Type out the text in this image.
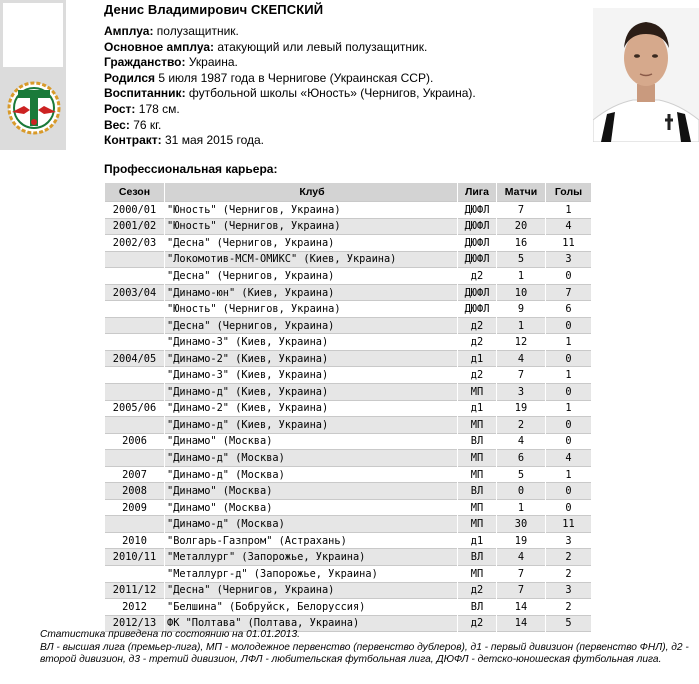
Денис Владимирович СКЕПСКИЙ
Амплуа: полузащитник.
Основное амплуа: атакующий или левый полузащитник.
Гражданство: Украина.
Родился 5 июля 1987 года в Чернигове (Украинская ССР).
Воспитанник: футбольной школы «Юность» (Чернигов, Украина).
Рост: 178 см.
Вес: 76 кг.
Контракт: 31 мая 2015 года.
Профессиональная карьера:
Сезон	Клуб	Лига	Матчи	Голы
2000/01	"Юность" (Чернигов, Украина)	ДЮФЛ	7	1
2001/02	"Юность" (Чернигов, Украина)	ДЮФЛ	20	4
2002/03	"Десна" (Чернигов, Украина)	ДЮФЛ	16	11
	"Локомотив-МСМ-ОМИКС" (Киев, Украина)	ДЮФЛ	5	3
	"Десна" (Чернигов, Украина)	д2	1	0
2003/04	"Динамо-юн" (Киев, Украина)	ДЮФЛ	10	7
	"Юность" (Чернигов, Украина)	ДЮФЛ	9	6
	"Десна" (Чернигов, Украина)	д2	1	0
	"Динамо-3" (Киев, Украина)	д2	12	1
2004/05	"Динамо-2" (Киев, Украина)	д1	4	0
	"Динамо-3" (Киев, Украина)	д2	7	1
	"Динамо-д" (Киев, Украина)	МП	3	0
2005/06	"Динамо-2" (Киев, Украина)	д1	19	1
	"Динамо-д" (Киев, Украина)	МП	2	0
2006	"Динамо" (Москва)	ВЛ	4	0
	"Динамо-д" (Москва)	МП	6	4
2007	"Динамо-д" (Москва)	МП	5	1
2008	"Динамо" (Москва)	ВЛ	0	0
2009	"Динамо" (Москва)	МП	1	0
	"Динамо-д" (Москва)	МП	30	11
2010	"Волгарь-Газпром" (Астрахань)	д1	19	3
2010/11	"Металлург" (Запорожье, Украина)	ВЛ	4	2
	"Металлург-д" (Запорожье, Украина)	МП	7	2
2011/12	"Десна" (Чернигов, Украина)	д2	7	3
2012	"Белшина" (Бобруйск, Белоруссия)	ВЛ	14	2
2012/13	ФК "Полтава" (Полтава, Украина)	д2	14	5
Статистика приведена по состоянию на 01.01.2013.
ВЛ - высшая лига (премьер-лига), МП - молодежное первенство (первенство дублеров), д1 - первый дивизион (первенство ФНЛ), д2 - второй дивизион, д3 - третий дивизион, ЛФЛ - любительская футбольная лига, ДЮФЛ - детско-юношеская футбольная лига.
